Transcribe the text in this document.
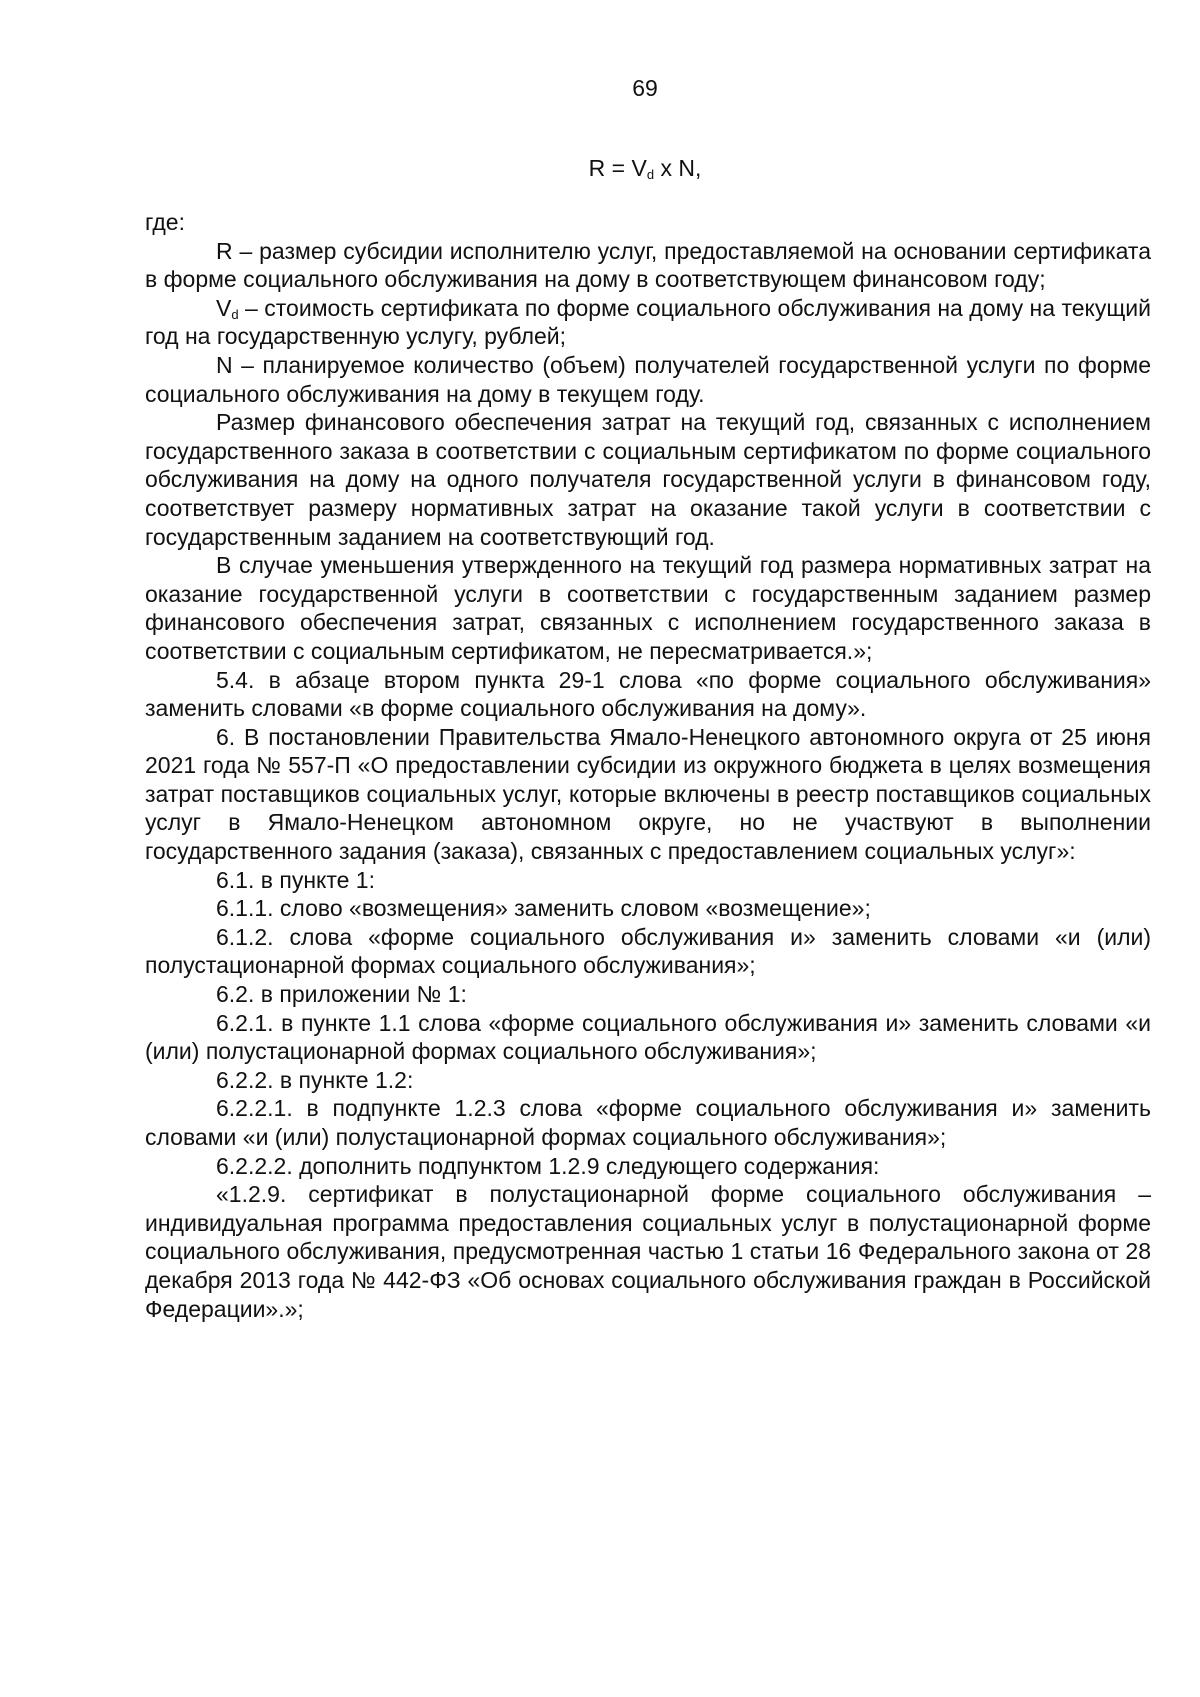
69
$R = V_d$ x N,

где:

R – размер субсидии исполнителю услуг, предоставляемой на основании сертификата в форме социального обслуживания на дому в соответствующем финансовом году;

$V_d$ – стоимость сертификата по форме социального обслуживания на дому на текущий год на государственную услугу, рублей;

N – планируемое количество (объем) получателей государственной услуги по форме социального обслуживания на дому в текущем году.

Размер финансового обеспечения затрат на текущий год, связанных с исполнением государственного заказа в соответствии с социальным сертификатом по форме социального обслуживания на дому на одного получателя государственной услуги в финансовом году, соответствует размеру нормативных затрат на оказание такой услуги в соответствии с государственным заданием на соответствующий год.

В случае уменьшения утвержденного на текущий год размера нормативных затрат на оказание государственной услуги в соответствии с государственным заданием размер финансового обеспечения затрат, связанных с исполнением государственного заказа в соответствии с социальным сертификатом, не пересматривается.»;

5.4. в абзаце втором пункта 29-1 слова «по форме социального обслуживания» заменить словами «в форме социального обслуживания на дому».

6. В постановлении Правительства Ямало-Ненецкого автономного округа от 25 июня 2021 года № 557-П «О предоставлении субсидии из окружного бюджета в целях возмещения затрат поставщиков социальных услуг, которые включены в реестр поставщиков социальных услуг в Ямало-Ненецком автономном округе, но не участвуют в выполнении государственного задания (заказа), связанных с предоставлением социальных услуг»:

6.1. в пункте 1:

6.1.1. слово «возмещения» заменить словом «возмещение»;

6.1.2. слова «форме социального обслуживания и» заменить словами «и (или) полустационарной формах социального обслуживания»;

6.2. в приложении № 1:

6.2.1. в пункте 1.1 слова «форме социального обслуживания и» заменить словами «и (или) полустационарной формах социального обслуживания»;

6.2.2. в пункте 1.2:

6.2.2.1. в подпункте 1.2.3 слова «форме социального обслуживания и» заменить словами «и (или) полустационарной формах социального обслуживания»;

6.2.2.2. дополнить подпунктом 1.2.9 следующего содержания:

«1.2.9. сертификат в полустационарной форме социального обслуживания – индивидуальная программа предоставления социальных услуг в полустационарной форме социального обслуживания, предусмотренная частью 1 статьи 16 Федерального закона от 28 декабря 2013 года № 442-ФЗ «Об основах социального обслуживания граждан в Российской Федерации».»;
